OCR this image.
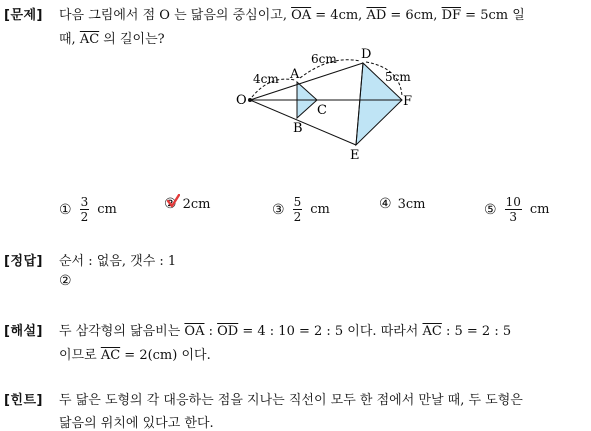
[문제] 다음 그림에서 점 O 는 닮음의 중심이고, $\overline{OA} = 4cm$, $\overline{AD} = 6cm$, $\overline{DF} = 5cm$ 일
때, $\overline{AC}$ 의 길이는?
O
A
B
C
D
E
F
4cm
6cm
5cm
① $\frac{3}{2}$ cm	② 2cm	③ $\frac{5}{2}$ cm	④ 3cm	⑤ $\frac{10}{3}$ cm
[정답] 순서 : 없음, 갯수 : 1
②
[해설] 두 삼각형의 닮음비는 $\overline{OA}$ : $\overline{OD} = 4$ : 10 = 2 : 5 이다. 따라서 $\overline{AC}$ : 5 = 2 : 5
이므로 $\overline{AC} = 2(cm)$ 이다.
[힌트] 두 닮은 도형의 각 대응하는 점을 지나는 직선이 모두 한 점에서 만날 때, 두 도형은
닮음의 위치에 있다고 한다.
